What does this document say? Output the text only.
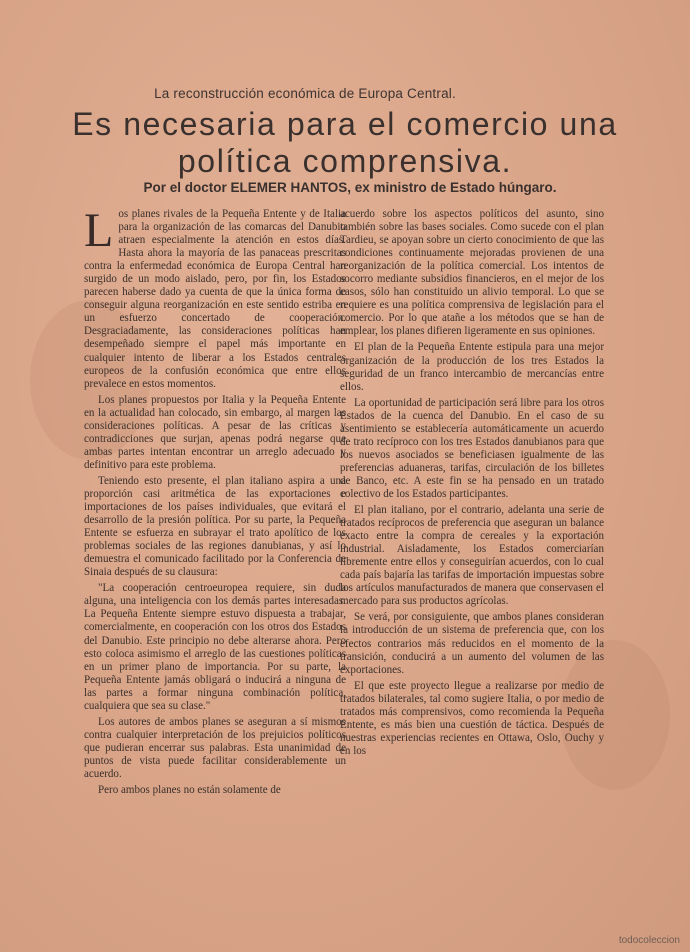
La reconstrucción económica de Europa Central.
Es necesaria para el comercio una
política comprensiva.
Por el doctor ELEMER HANTOS, ex ministro de Estado húngaro.

Los planes rivales de la Pequeña Entente y de Italia para la organización de las comarcas del Danubio atraen especialmente la atención en estos días. Hasta ahora la mayoría de las panaceas prescritas contra la enfermedad económica de Europa Central han surgido de un modo aislado, pero, por fin, los Estados parecen haberse dado ya cuenta de que la única forma de conseguir alguna reorganización en este sentido estriba en un esfuerzo concertado de cooperación. Desgraciadamente, las consideraciones políticas han desempeñado siempre el papel más importante en cualquier intento de liberar a los Estados centrales europeos de la confusión económica que entre ellos prevalece en estos momentos.

Los planes propuestos por Italia y la Pequeña Entente en la actualidad han colocado, sin embargo, al margen las consideraciones políticas. A pesar de las críticas y contradicciones que surjan, apenas podrá negarse que ambas partes intentan encontrar un arreglo adecuado y definitivo para este problema.

Teniendo esto presente, el plan italiano aspira a una proporción casi aritmética de las exportaciones e importaciones de los países individuales, que evitará el desarrollo de la presión política. Por su parte, la Pequeña Entente se esfuerza en subrayar el trato apolítico de los problemas sociales de las regiones danubianas, y así lo demuestra el comunicado facilitado por la Conferencia de Sinaia después de su clausura:

"La cooperación centroeuropea requiere, sin duda alguna, una inteligencia con los demás partes interesadas. La Pequeña Entente siempre estuvo dispuesta a trabajar, comercialmente, en cooperación con los otros dos Estados del Danubio. Este principio no debe alterarse ahora. Pero esto coloca asimismo el arreglo de las cuestiones políticas en un primer plano de importancia. Por su parte, la Pequeña Entente jamás obligará o inducirá a ninguna de las partes a formar ninguna combinación política, cualquiera que sea su clase."

Los autores de ambos planes se aseguran a sí mismos contra cualquier interpretación de los prejuicios políticos que pudieran encerrar sus palabras. Esta unanimidad de puntos de vista puede facilitar considerablemente un acuerdo.

Pero ambos planes no están solamente de

acuerdo sobre los aspectos políticos del asunto, sino también sobre las bases sociales. Como sucede con el plan Tardieu, se apoyan sobre un cierto conocimiento de que las condiciones continuamente mejoradas provienen de una reorganización de la política comercial. Los intentos de socorro mediante subsidios financieros, en el mejor de los casos, sólo han constituido un alivio temporal. Lo que se requiere es una política comprensiva de legislación para el comercio. Por lo que atañe a los métodos que se han de emplear, los planes difieren ligeramente en sus opiniones.

El plan de la Pequeña Entente estipula para una mejor organización de la producción de los tres Estados la seguridad de un franco intercambio de mercancías entre ellos.

La oportunidad de participación será libre para los otros Estados de la cuenca del Danubio. En el caso de su asentimiento se establecería automáticamente un acuerdo de trato recíproco con los tres Estados danubianos para que los nuevos asociados se beneficiasen igualmente de las preferencias aduaneras, tarifas, circulación de los billetes de Banco, etc. A este fin se ha pensado en un tratado colectivo de los Estados participantes.

El plan italiano, por el contrario, adelanta una serie de tratados recíprocos de preferencia que aseguran un balance exacto entre la compra de cereales y la exportación industrial. Aisladamente, los Estados comerciarían libremente entre ellos y conseguirían acuerdos, con lo cual cada país bajaría las tarifas de importación impuestas sobre los artículos manufacturados de manera que conservasen el mercado para sus productos agrícolas.

Se verá, por consiguiente, que ambos planes consideran la introducción de un sistema de preferencia que, con los efectos contrarios más reducidos en el momento de la transición, conducirá a un aumento del volumen de las exportaciones.

El que este proyecto llegue a realizarse por medio de tratados bilaterales, tal como sugiere Italia, o por medio de tratados más comprensivos, como recomienda la Pequeña Entente, es más bien una cuestión de táctica. Después de nuestras experiencias recientes en Ottawa, Oslo, Ouchy y en los

todocoleccion
